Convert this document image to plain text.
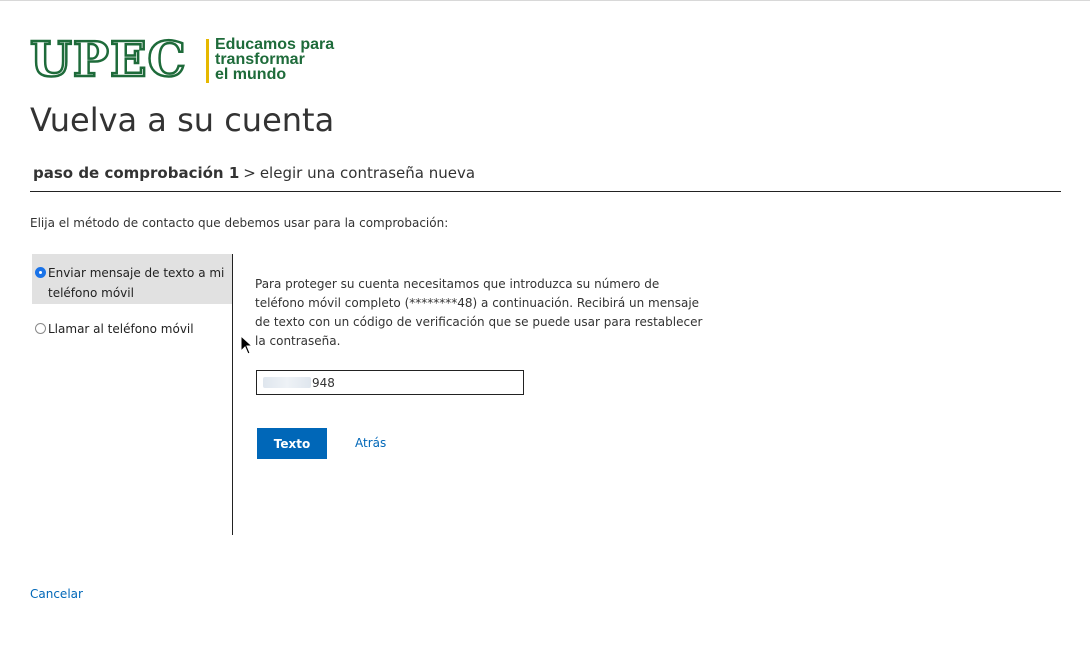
UPEC Educamos para
transformar
el mundo
Vuelva a su cuenta
paso de comprobación 1 > elegir una contraseña nueva
Elija el método de contacto que debemos usar para la comprobación:
Enviar mensaje de texto a mi teléfono móvil
Llamar al teléfono móvil
Para proteger su cuenta necesitamos que introduzca su número de teléfono móvil completo (********48) a continuación. Recibirá un mensaje de texto con un código de verificación que se puede usar para restablecer la contraseña.
948
Texto	Atrás
Cancelar
